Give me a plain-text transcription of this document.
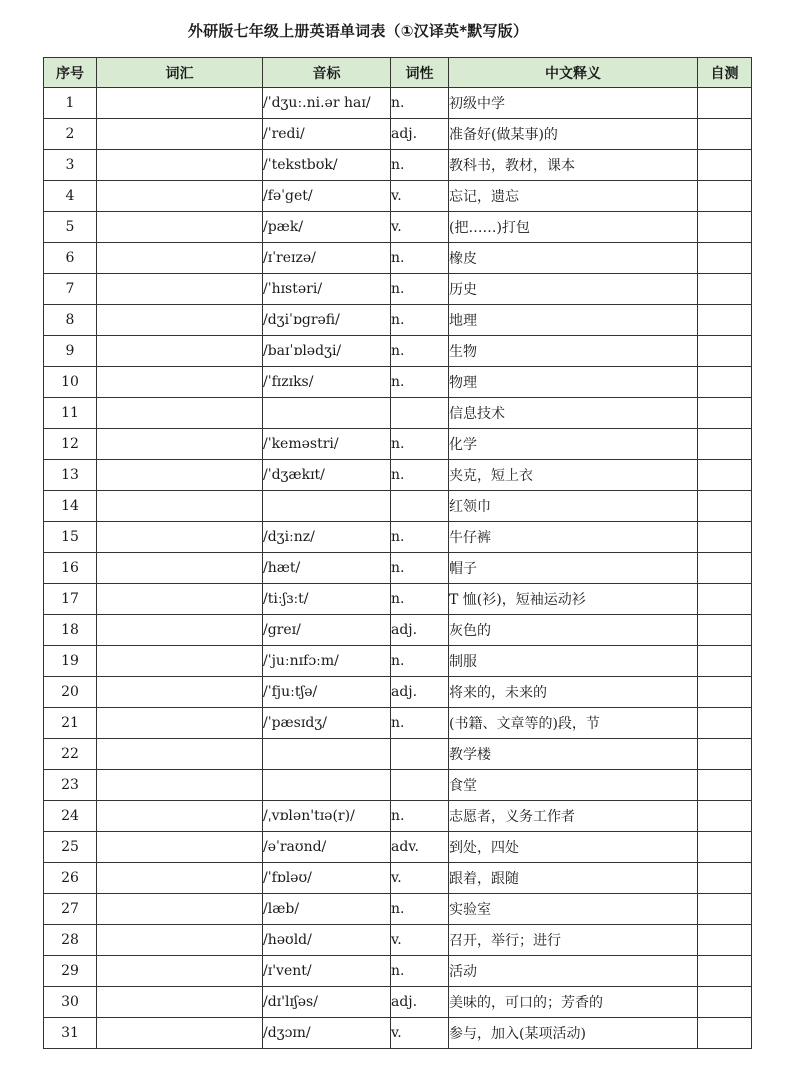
外研版七年级上册英语单词表（①汉译英*默写版）
序号	词汇	音标	词性	中文释义	自测
1		/ˈdʒuː.ni.ər haɪ/	n.	初级中学	
2		/ˈredi/	adj.	准备好(做某事)的	
3		/ˈtekstbʊk/	n.	教科书，教材，课本	
4		/fəˈget/	v.	忘记，遗忘	
5		/pæk/	v.	(把……)打包	
6		/ɪˈreɪzə/	n.	橡皮	
7		/ˈhɪstəri/	n.	历史	
8		/dʒiˈɒgrəfi/	n.	地理	
9		/baɪˈɒlədʒi/	n.	生物	
10		/ˈfɪzɪks/	n.	物理	
11				信息技术	
12		/ˈkeməstri/	n.	化学	
13		/ˈdʒækɪt/	n.	夹克，短上衣	
14				红领巾	
15		/dʒiːnz/	n.	牛仔裤	
16		/hæt/	n.	帽子	
17		/tiːʃɜːt/	n.	T 恤(衫)，短袖运动衫	
18		/greɪ/	adj.	灰色的	
19		/ˈjuːnɪfɔːm/	n.	制服	
20		/ˈfjuːtʃə/	adj.	将来的，未来的	
21		/ˈpæsɪdʒ/	n.	(书籍、文章等的)段，节	
22				教学楼	
23				食堂	
24		/ˌvɒlən'tɪə(r)/	n.	志愿者，义务工作者	
25		/əˈraʊnd/	adv.	到处，四处	
26		/ˈfɒləʊ/	v.	跟着，跟随	
27		/læb/	n.	实验室	
28		/həʊld/	v.	召开，举行；进行	
29		/ɪ'vent/	n.	活动	
30		/dɪ'lɪʃəs/	adj.	美味的，可口的；芳香的	
31		/dʒɔɪn/	v.	参与，加入(某项活动)	
